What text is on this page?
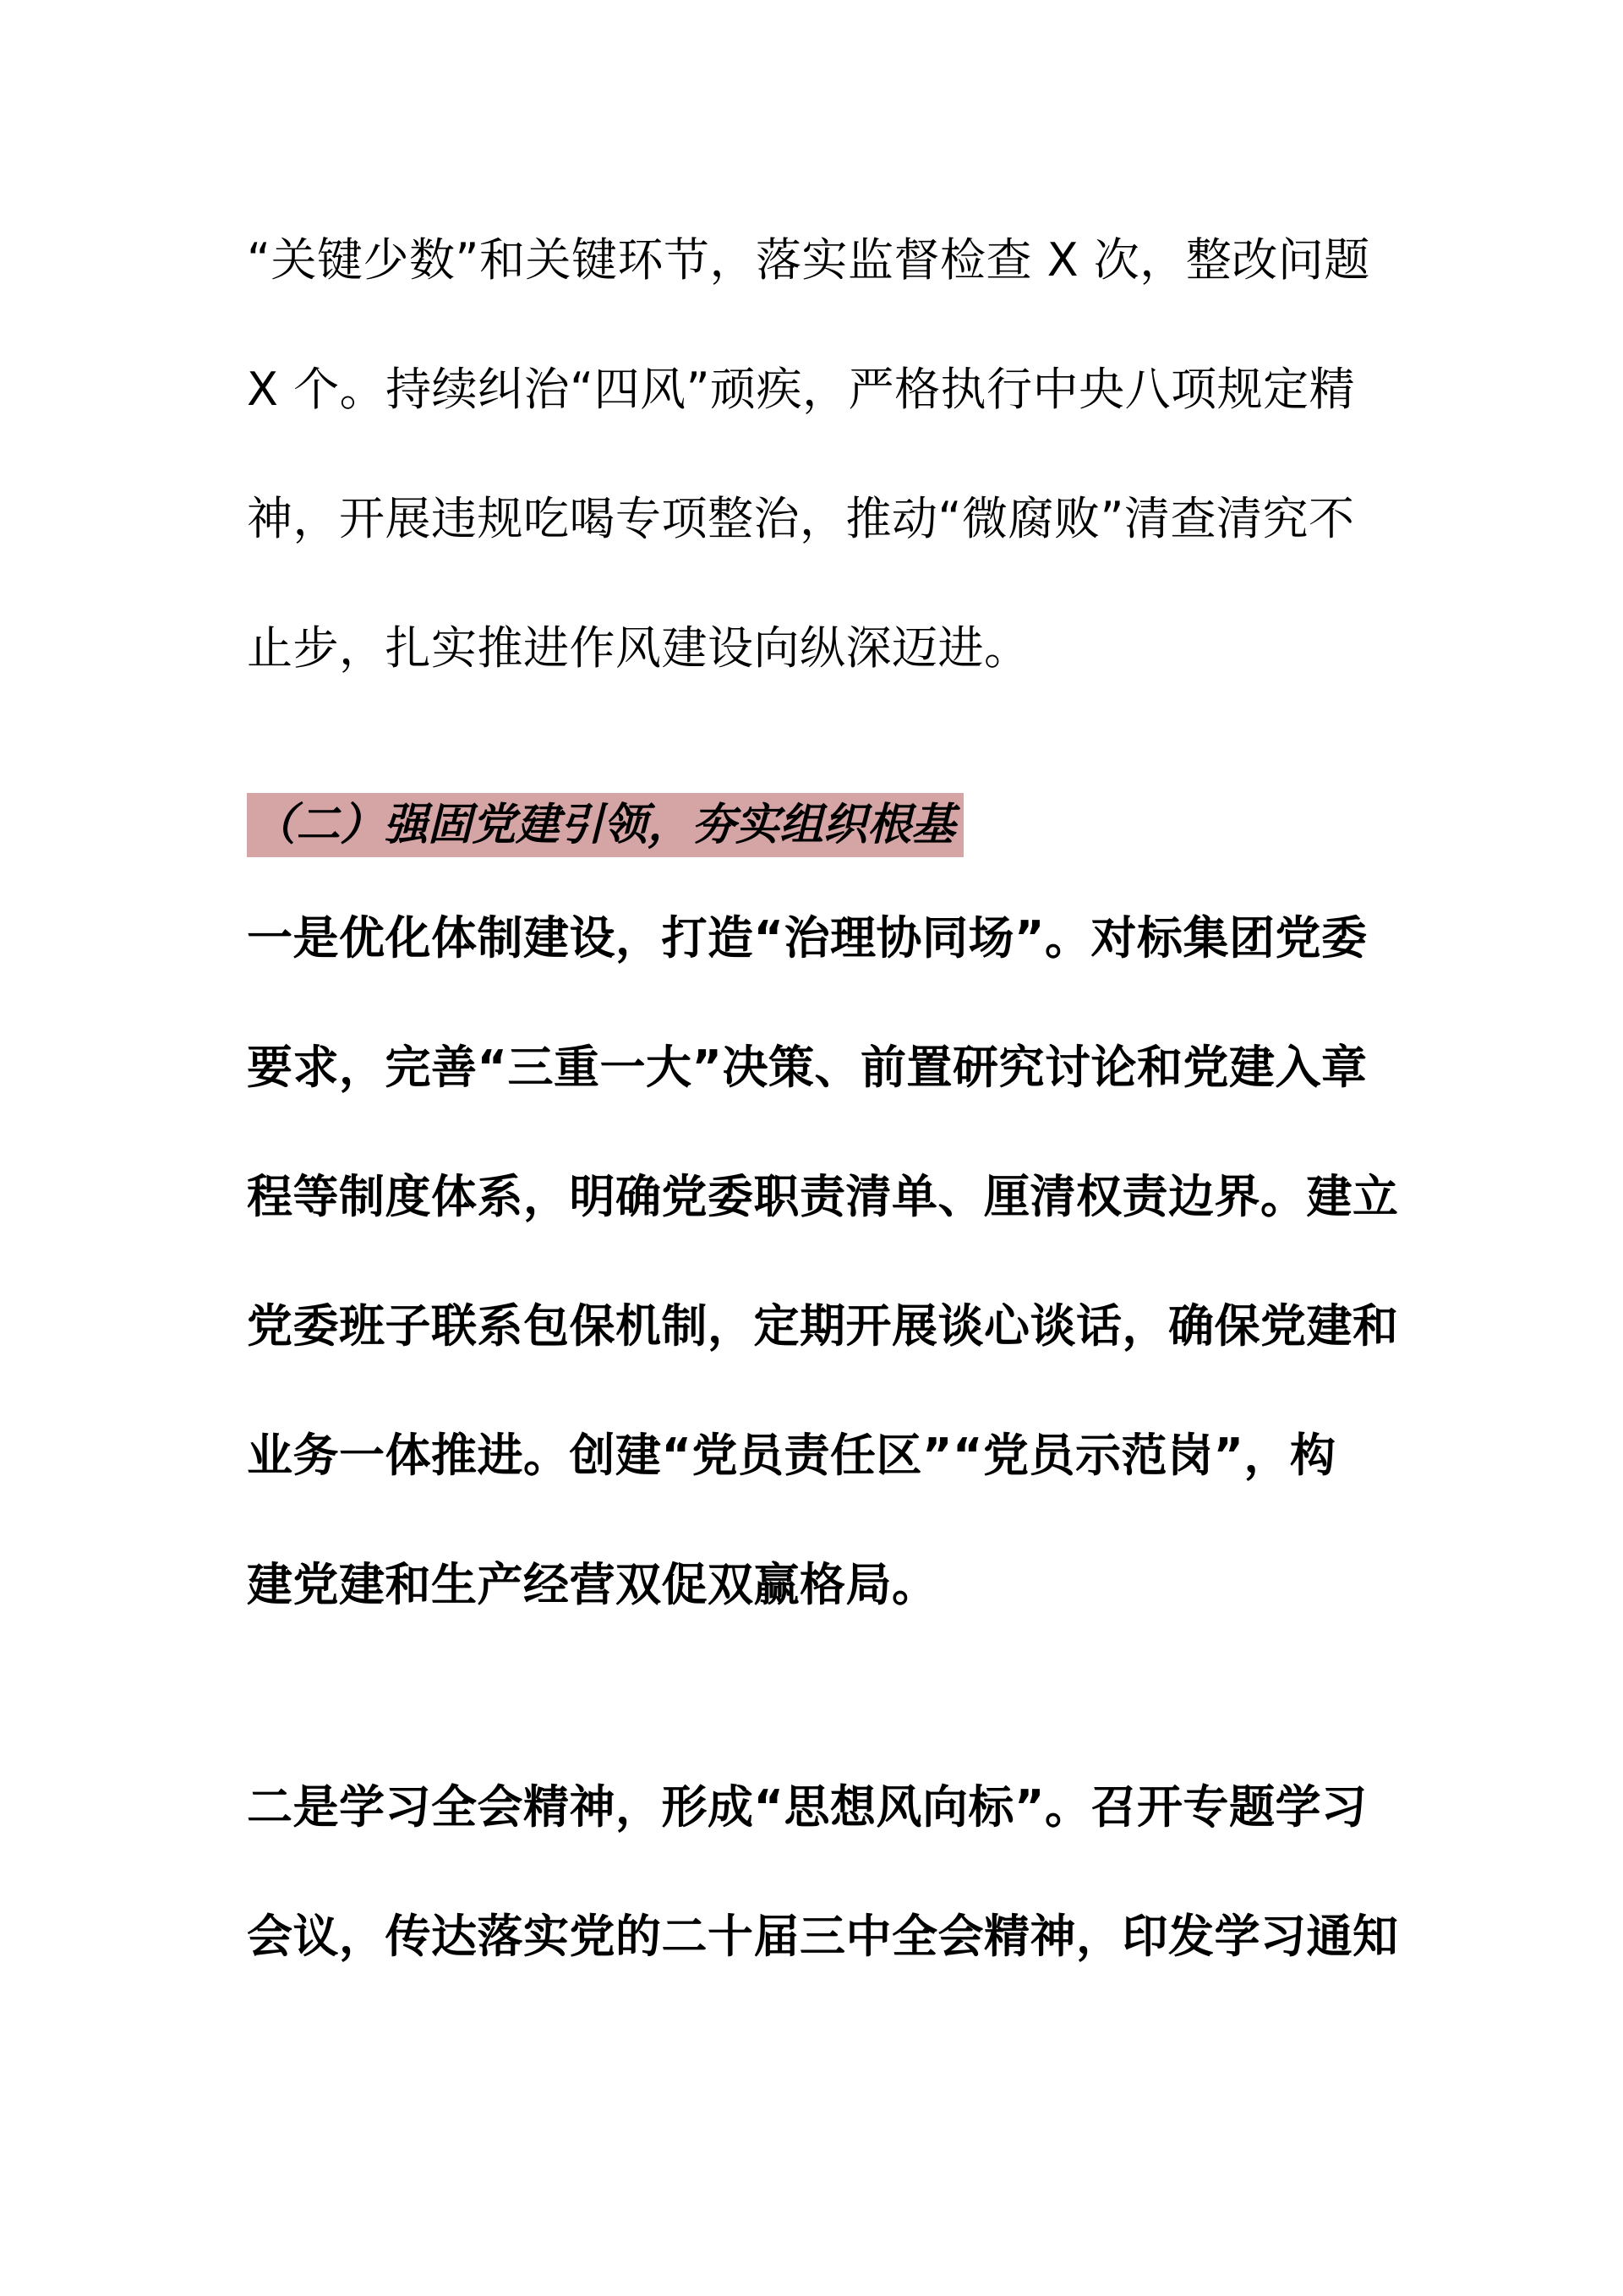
“关键少数”和关键环节，落实监督检查 X 次，整改问题
X 个。持续纠治“四风”顽疾，严格执行中央八项规定精
神，开展违规吃喝专项整治，推动“微腐败”清查清究不
止步，扎实推进作风建设向纵深迈进。

（二）强固党建引领，夯实组织根基

一是优化体制建设，打造“治理协同场”。对标集团党委
要求，完善“三重一大”决策、前置研究讨论和党建入章
程等制度体系，明确党委职责清单、厘清权责边界。建立
党委班子联系包保机制，定期开展谈心谈话，确保党建和
业务一体推进。创建“党员责任区”“党员示范岗”，构
建党建和生产经营双促双赢格局。

二是学习全会精神，形成“思想风向标”。召开专题学习
会议，传达落实党的二十届三中全会精神，印发学习通知
